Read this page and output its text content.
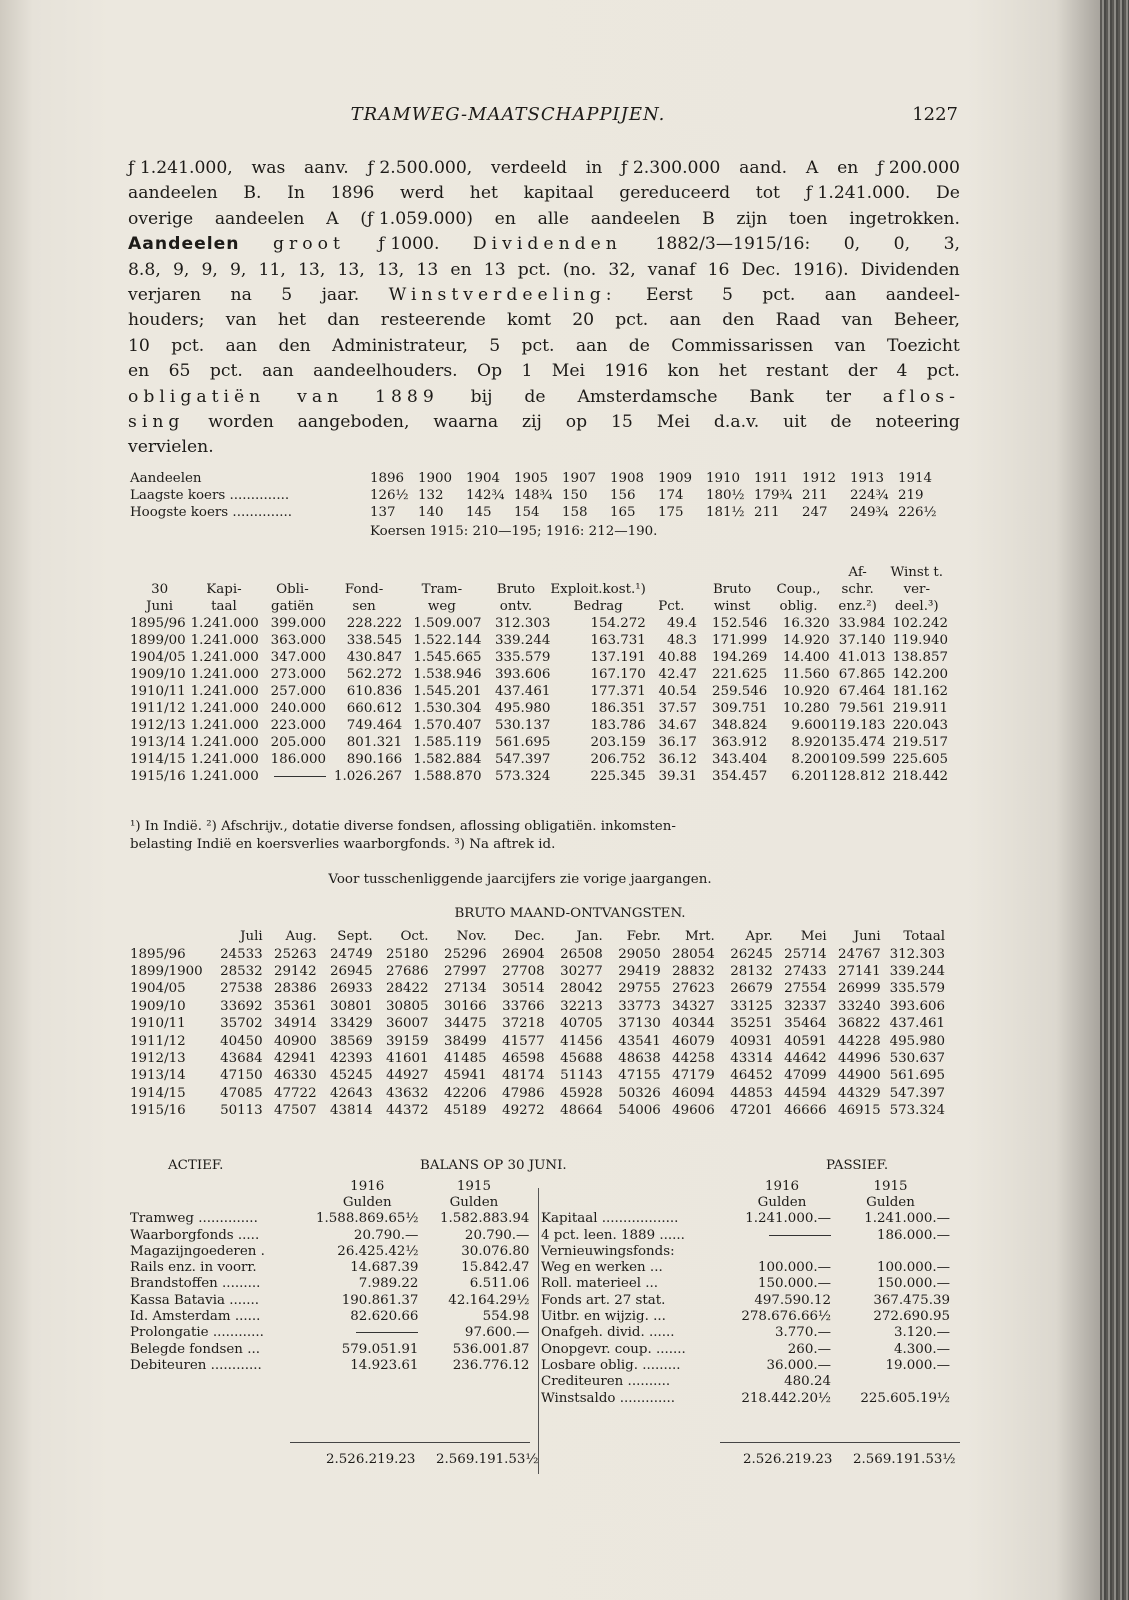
TRAMWEG-MAATSCHAPPIJEN.	1227
ƒ 1.241.000, was aanv. ƒ 2.500.000, verdeeld in ƒ 2.300.000 aand. A en ƒ 200.000
aandeelen B. In 1896 werd het kapitaal gereduceerd tot ƒ 1.241.000. De
overige aandeelen A (ƒ 1.059.000) en alle aandeelen B zijn toen ingetrokken.
Aandeelen groot ƒ 1000. Dividenden 1882/3—1915/16: 0, 0, 3,
8.8, 9, 9, 9, 11, 13, 13, 13, 13 en 13 pct. (no. 32, vanaf 16 Dec. 1916). Dividenden
verjaren na 5 jaar. Winstverdeeling: Eerst 5 pct. aan aandeel-
houders; van het dan resteerende komt 20 pct. aan den Raad van Beheer,
10 pct. aan den Administrateur, 5 pct. aan de Commissarissen van Toezicht
en 65 pct. aan aandeelhouders. Op 1 Mei 1916 kon het restant der 4 pct.
obligatiën van 1889 bij de Amsterdamsche Bank ter aflos-
sing worden aangeboden, waarna zij op 15 Mei d.a.v. uit de noteering
vervielen.
Aandeelen	1896	1900	1904	1905	1907	1908	1909	1910	1911	1912	1913	1914
Laagste koers ..............	126½	132	142¾	148¾	150	156	174	180½	179¾	211	224¾	219
Hoogste koers ..............	137	140	145	154	158	165	175	181½	211	247	249¾	226½
Koersen 1915: 210—195; 1916: 212—190.
										Af-	Winst t.
30	Kapi-	Obli-	Fond-	Tram-	Bruto	Exploit.kost.¹)		Bruto	Coup.,	schr.	ver-
Juni	taal	gatiën	sen	weg	ontv.	Bedrag	Pct.	winst	oblig.	enz.²)	deel.³)
1895/96	1.241.000	399.000	228.222	1.509.007	312.303	154.272	49.4	152.546	16.320	33.984	102.242
1899/00	1.241.000	363.000	338.545	1.522.144	339.244	163.731	48.3	171.999	14.920	37.140	119.940
1904/05	1.241.000	347.000	430.847	1.545.665	335.579	137.191	40.88	194.269	14.400	41.013	138.857
1909/10	1.241.000	273.000	562.272	1.538.946	393.606	167.170	42.47	221.625	11.560	67.865	142.200
1910/11	1.241.000	257.000	610.836	1.545.201	437.461	177.371	40.54	259.546	10.920	67.464	181.162
1911/12	1.241.000	240.000	660.612	1.530.304	495.980	186.351	37.57	309.751	10.280	79.561	219.911
1912/13	1.241.000	223.000	749.464	1.570.407	530.137	183.786	34.67	348.824	9.600	119.183	220.043
1913/14	1.241.000	205.000	801.321	1.585.119	561.695	203.159	36.17	363.912	8.920	135.474	219.517
1914/15	1.241.000	186.000	890.166	1.582.884	547.397	206.752	36.12	343.404	8.200	109.599	225.605
1915/16	1.241.000		1.026.267	1.588.870	573.324	225.345	39.31	354.457	6.201	128.812	218.442
¹) In Indië. ²) Afschrijv., dotatie diverse fondsen, aflossing obligatiën. inkomsten-
belasting Indië en koersverlies waarborgfonds. ³) Na aftrek id.
Voor tusschenliggende jaarcijfers zie vorige jaargangen.
BRUTO MAAND-ONTVANGSTEN.
	Juli	Aug.	Sept.	Oct.	Nov.	Dec.	Jan.	Febr.	Mrt.	Apr.	Mei	Juni	Totaal
1895/96	24533	25263	24749	25180	25296	26904	26508	29050	28054	26245	25714	24767	312.303
1899/1900	28532	29142	26945	27686	27997	27708	30277	29419	28832	28132	27433	27141	339.244
1904/05	27538	28386	26933	28422	27134	30514	28042	29755	27623	26679	27554	26999	335.579
1909/10	33692	35361	30801	30805	30166	33766	32213	33773	34327	33125	32337	33240	393.606
1910/11	35702	34914	33429	36007	34475	37218	40705	37130	40344	35251	35464	36822	437.461
1911/12	40450	40900	38569	39159	38499	41577	41456	43541	46079	40931	40591	44228	495.980
1912/13	43684	42941	42393	41601	41485	46598	45688	48638	44258	43314	44642	44996	530.637
1913/14	47150	46330	45245	44927	45941	48174	51143	47155	47179	46452	47099	44900	561.695
1914/15	47085	47722	42643	43632	42206	47986	45928	50326	46094	44853	44594	44329	547.397
1915/16	50113	47507	43814	44372	45189	49272	48664	54006	49606	47201	46666	46915	573.324
ACTIEF.	BALANS OP 30 JUNI.	PASSIEF.
	1916	1915
	Gulden	Gulden
Tramweg ..............	1.588.869.65½	1.582.883.94
Waarborgfonds .....	20.790.—	20.790.—
Magazijngoederen .	26.425.42½	30.076.80
Rails enz. in voorr.	14.687.39	15.842.47
Brandstoffen .........	7.989.22	6.511.06
Kassa Batavia .......	190.861.37	42.164.29½
Id. Amsterdam ......	82.620.66	554.98
Prolongatie ............		97.600.—
Belegde fondsen ...	579.051.91	536.001.87
Debiteuren ............	14.923.61	236.776.12
	1916	1915
	Gulden	Gulden
Kapitaal ..................	1.241.000.—	1.241.000.—
4 pct. leen. 1889 ......		186.000.—
Vernieuwingsfonds:		
Weg en werken ...	100.000.—	100.000.—
Roll. materieel ...	150.000.—	150.000.—
Fonds art. 27 stat.	497.590.12	367.475.39
Uitbr. en wijzig. ...	278.676.66½	272.690.95
Onafgeh. divid. ......	3.770.—	3.120.—
Onopgevr. coup. .......	260.—	4.300.—
Losbare oblig. .........	36.000.—	19.000.—
Crediteuren ..........	480.24	
Winstsaldo .............	218.442.20½	225.605.19½
2.526.219.23 2.569.191.53½	2.526.219.23 2.569.191.53½
